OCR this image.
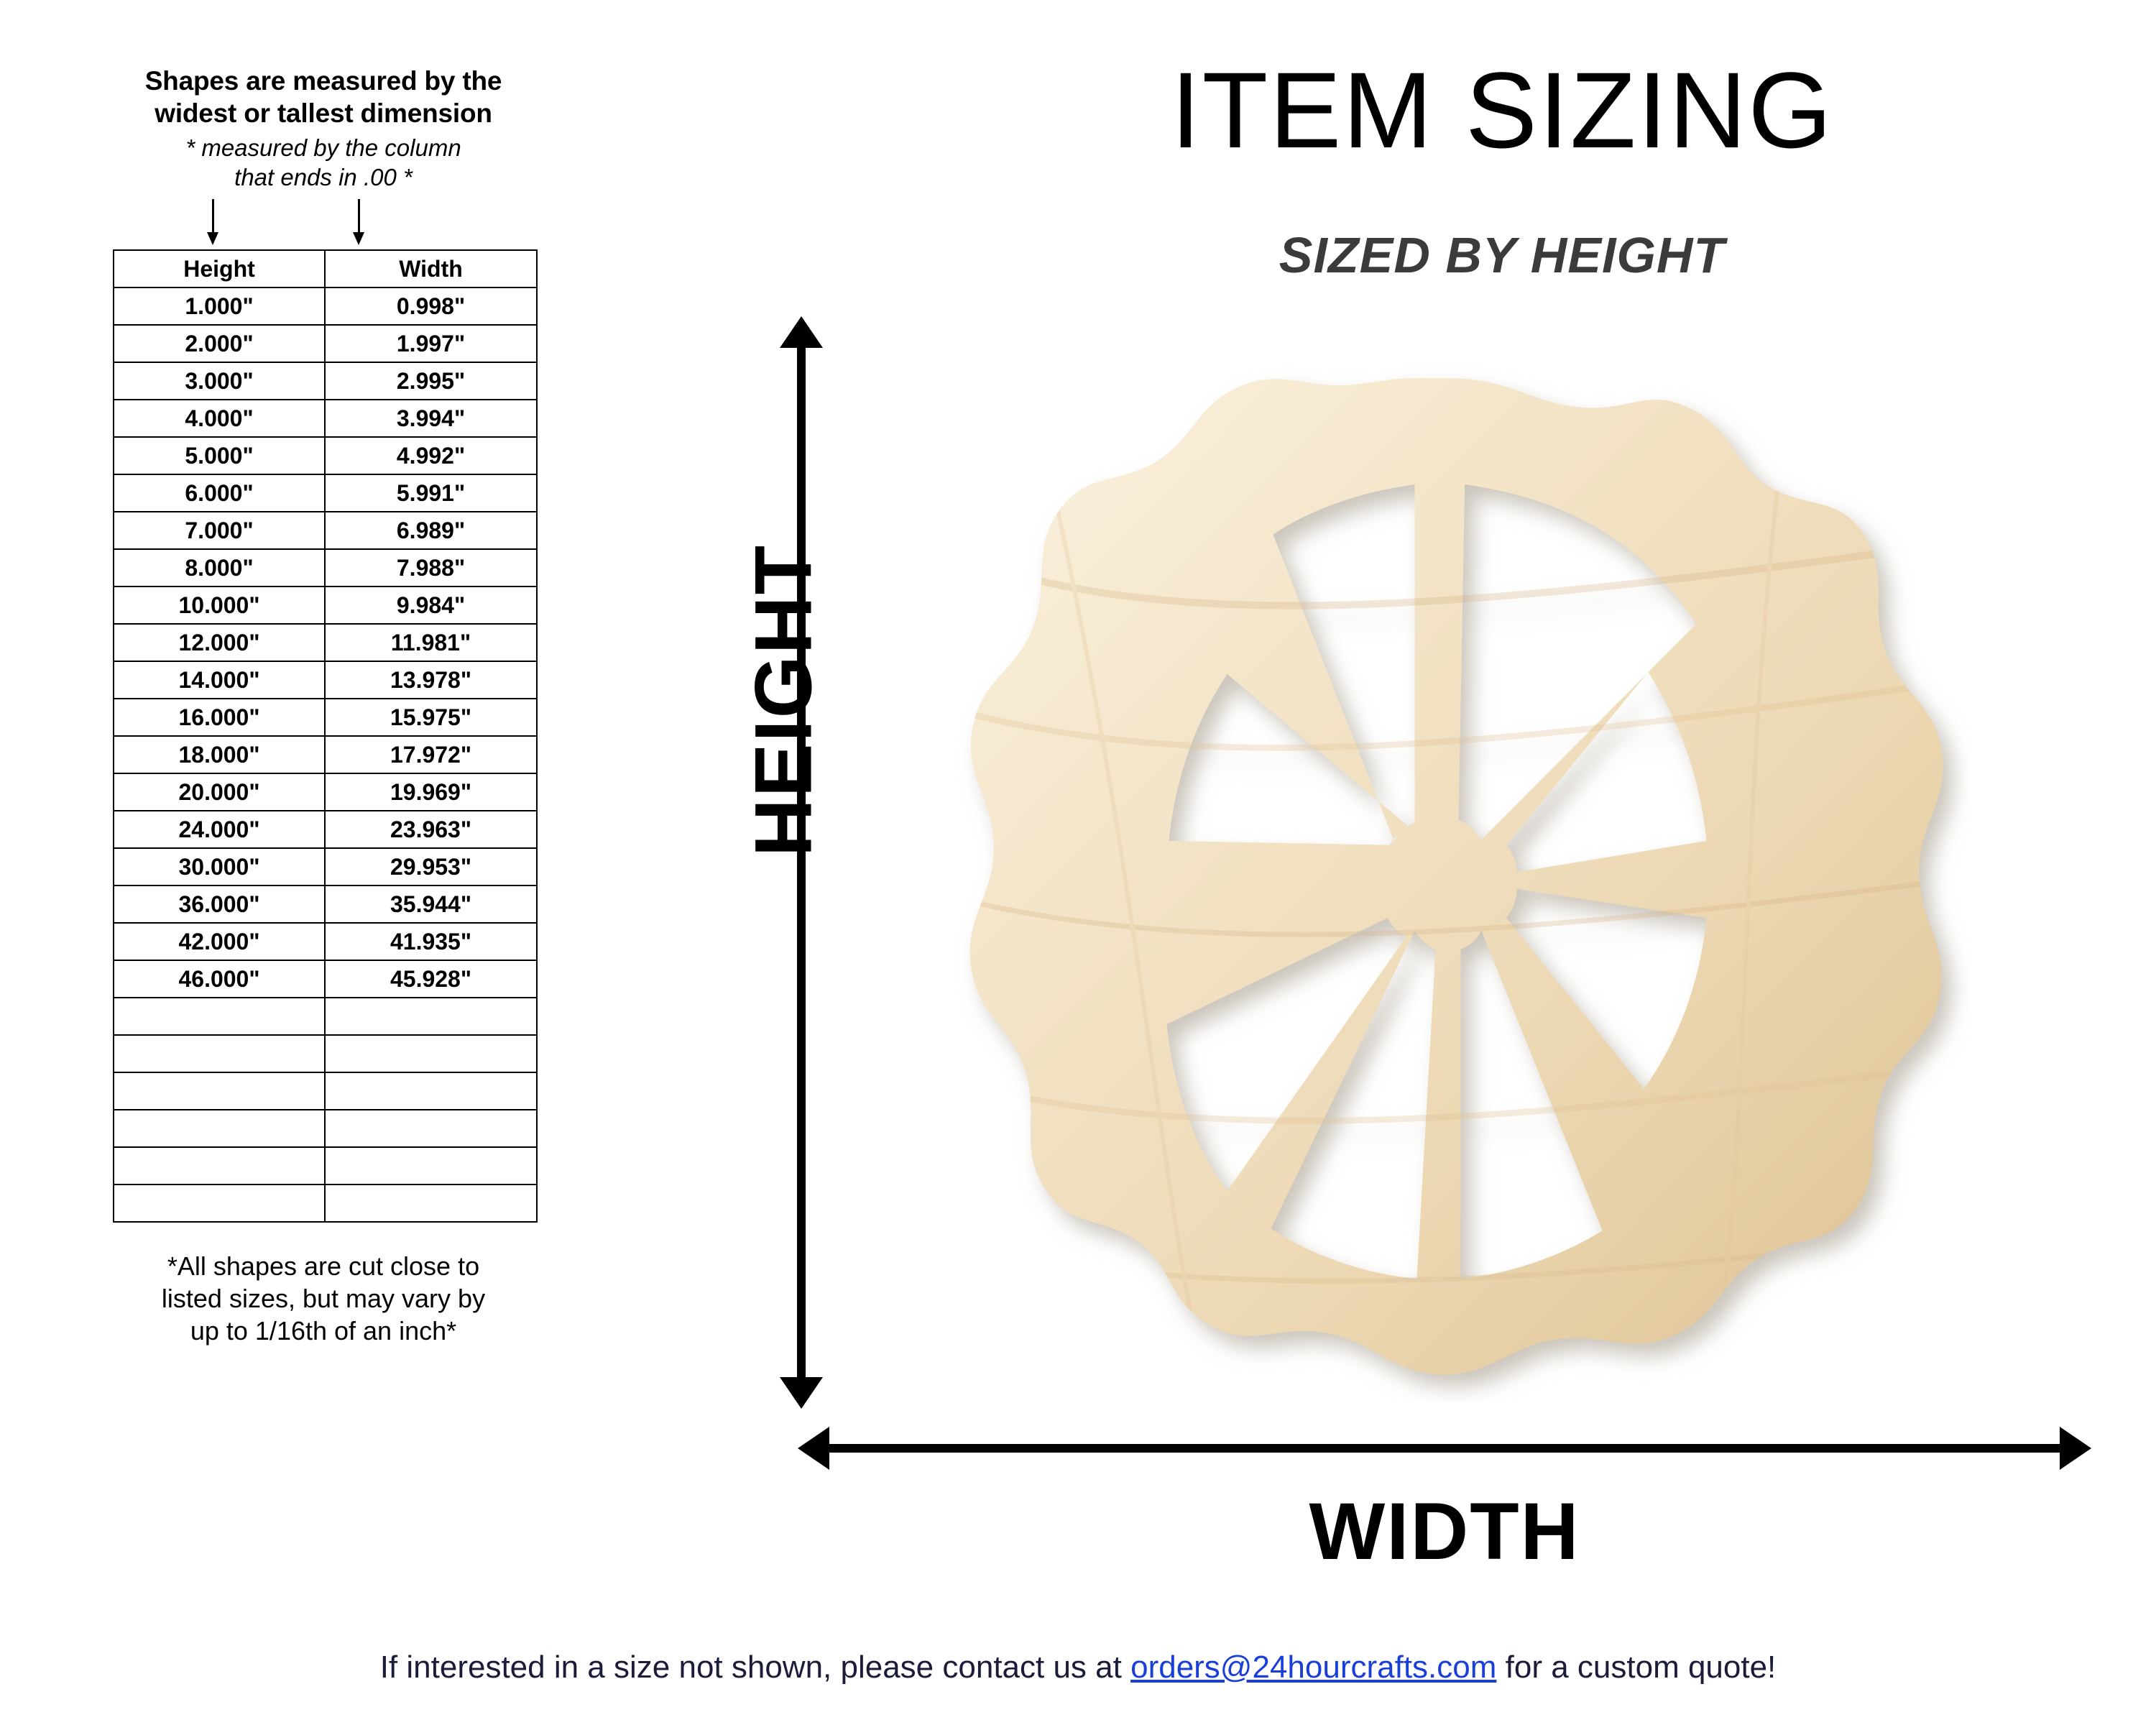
Shapes are measured by the
widest or tallest dimension
* measured by the column
that ends in .00 *
Height	Width
1.000"	0.998"
2.000"	1.997"
3.000"	2.995"
4.000"	3.994"
5.000"	4.992"
6.000"	5.991"
7.000"	6.989"
8.000"	7.988"
10.000"	9.984"
12.000"	11.981"
14.000"	13.978"
16.000"	15.975"
18.000"	17.972"
20.000"	19.969"
24.000"	23.963"
30.000"	29.953"
36.000"	35.944"
42.000"	41.935"
46.000"	45.928"

*All shapes are cut close to
listed sizes, but may vary by
up to 1/16th of an inch*
ITEM SIZING
SIZED BY HEIGHT
HEIGHT
WIDTH
If interested in a size not shown, please contact us at orders@24hourcrafts.com for a custom quote!
